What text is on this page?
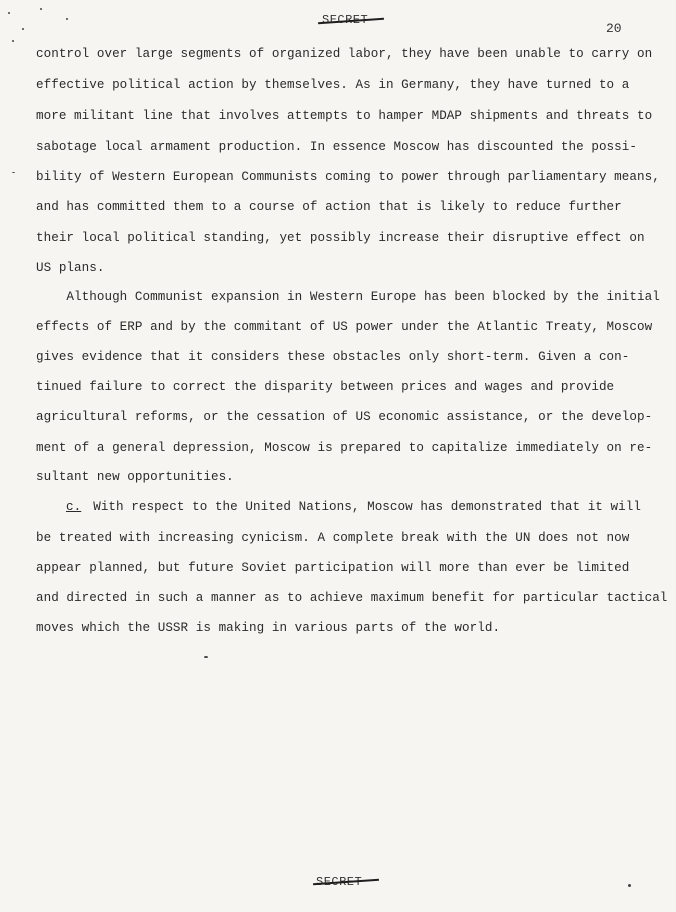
SECRET
20
control over large segments of organized labor, they have been unable to carry on
effective political action by themselves. As in Germany, they have turned to a
more militant line that involves attempts to hamper MDAP shipments and threats to
sabotage local armament production. In essence Moscow has discounted the possi-
bility of Western European Communists coming to power through parliamentary means,
and has committed them to a course of action that is likely to reduce further
their local political standing, yet possibly increase their disruptive effect on
US plans.
Although Communist expansion in Western Europe has been blocked by the initial
effects of ERP and by the commitant of US power under the Atlantic Treaty, Moscow
gives evidence that it considers these obstacles only short-term. Given a con-
tinued failure to correct the disparity between prices and wages and provide
agricultural reforms, or the cessation of US economic assistance, or the develop-
ment of a general depression, Moscow is prepared to capitalize immediately on re-
sultant new opportunities.
c. With respect to the United Nations, Moscow has demonstrated that it will
be treated with increasing cynicism. A complete break with the UN does not now
appear planned, but future Soviet participation will more than ever be limited
and directed in such a manner as to achieve maximum benefit for particular tactical
moves which the USSR is making in various parts of the world.
SECRET
